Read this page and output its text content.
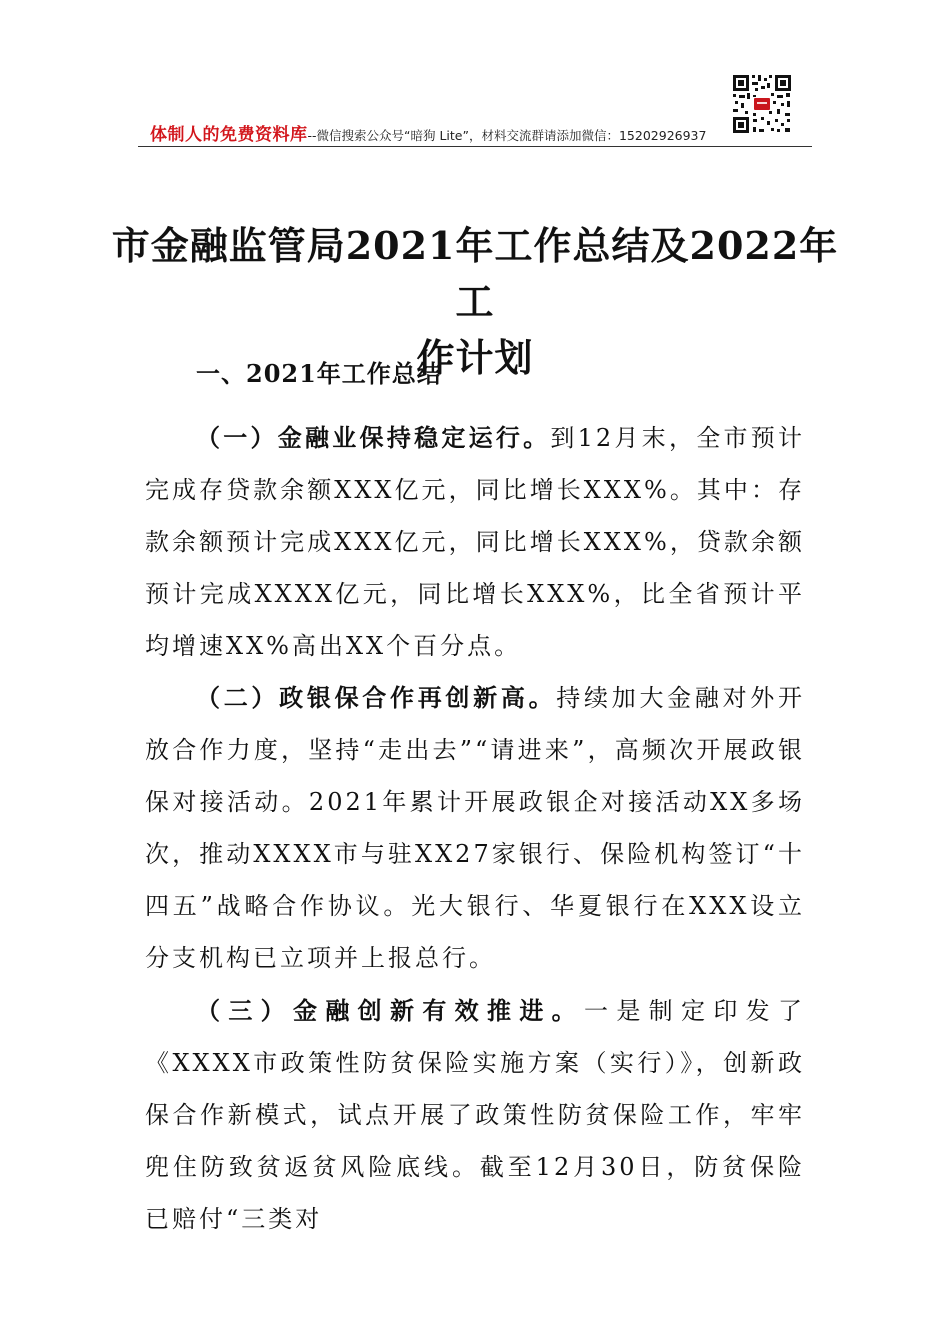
体制人的免费资料库--微信搜索公众号“暗狗 Lite”，材料交流群请添加微信：15202926937
市金融监管局2021年工作总结及2022年工
作计划
一、2021年工作总结
（一）金融业保持稳定运行。到12月末，全市预计完成存贷款余额XXX亿元，同比增长XXX%。其中：存款余额预计完成XXX亿元，同比增长XXX%，贷款余额预计完成XXXX亿元，同比增长XXX%，比全省预计平均增速XX%高出XX个百分点。
（二）政银保合作再创新高。持续加大金融对外开放合作力度，坚持“走出去”“请进来”，高频次开展政银保对接活动。2021年累计开展政银企对接活动XX多场次，推动XXXX市与驻XX27家银行、保险机构签订“十四五”战略合作协议。光大银行、华夏银行在XXX设立分支机构已立项并上报总行。
（三）金融创新有效推进。一是制定印发了《XXXX市政策性防贫保险实施方案（实行）》，创新政保合作新模式，试点开展了政策性防贫保险工作，牢牢兜住防致贫返贫风险底线。截至12月30日，防贫保险已赔付“三类对
